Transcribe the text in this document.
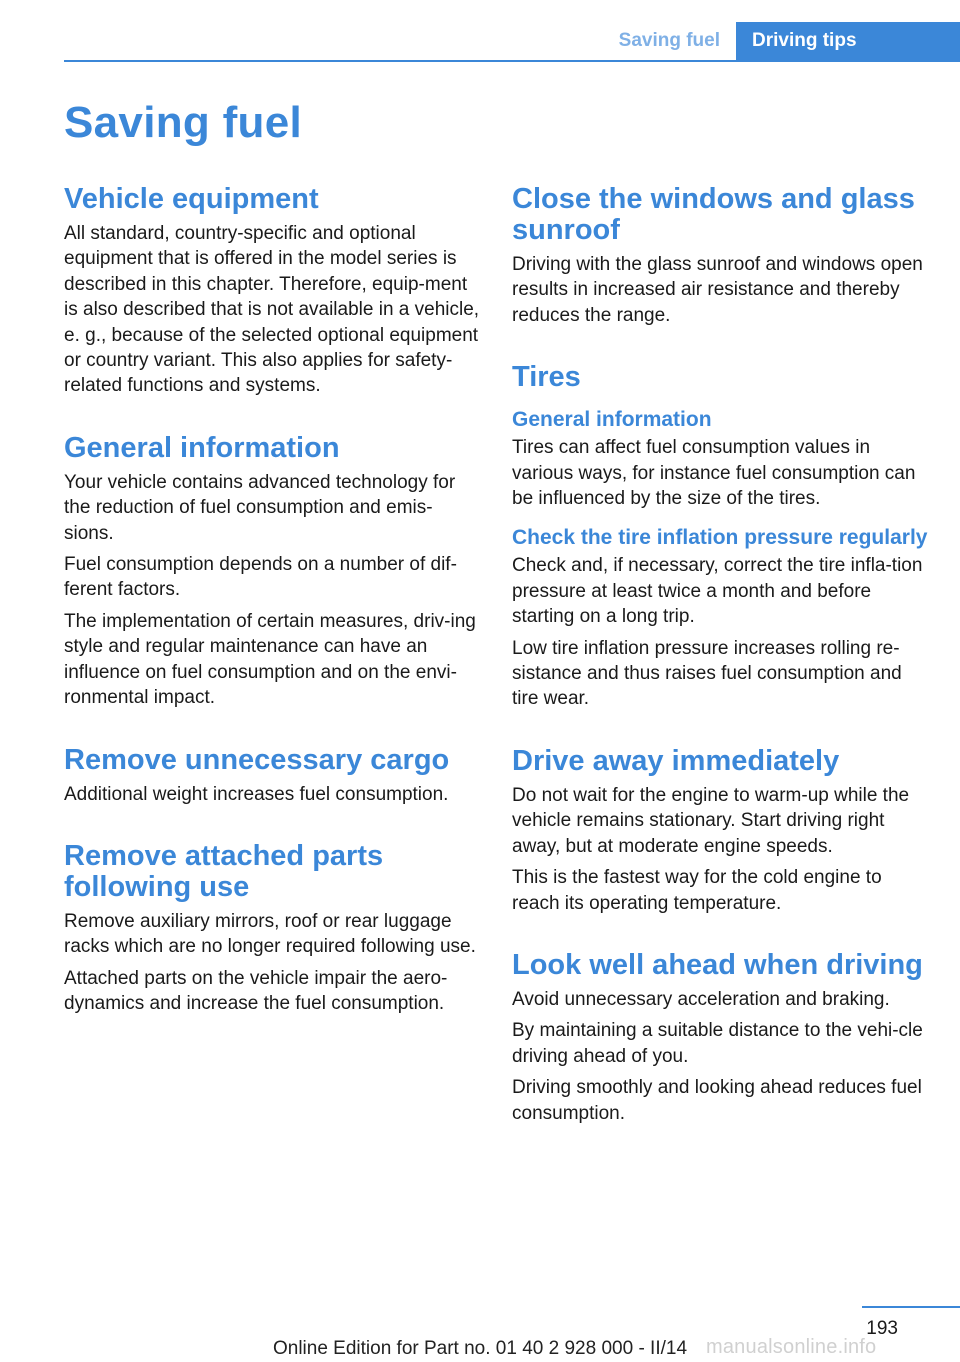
Saving fuel	Driving tips
Saving fuel
Vehicle equipment

All standard, country-specific and optional equipment that is offered in the model series is described in this chapter. Therefore, equip-ment is also described that is not available in a vehicle, e. g., because of the selected optional equipment or country variant. This also applies for safety-related functions and systems.

General information

Your vehicle contains advanced technology for the reduction of fuel consumption and emis-sions.

Fuel consumption depends on a number of dif-ferent factors.

The implementation of certain measures, driv-ing style and regular maintenance can have an influence on fuel consumption and on the envi-ronmental impact.

Remove unnecessary cargo

Additional weight increases fuel consumption.

Remove attached parts following use

Remove auxiliary mirrors, roof or rear luggage racks which are no longer required following use.

Attached parts on the vehicle impair the aero-dynamics and increase the fuel consumption.

Close the windows and glass sunroof

Driving with the glass sunroof and windows open results in increased air resistance and thereby reduces the range.

Tires
General information

Tires can affect fuel consumption values in various ways, for instance fuel consumption can be influenced by the size of the tires.

Check the tire inflation pressure regularly

Check and, if necessary, correct the tire infla-tion pressure at least twice a month and before starting on a long trip.

Low tire inflation pressure increases rolling re-sistance and thus raises fuel consumption and tire wear.

Drive away immediately

Do not wait for the engine to warm-up while the vehicle remains stationary. Start driving right away, but at moderate engine speeds.

This is the fastest way for the cold engine to reach its operating temperature.

Look well ahead when driving

Avoid unnecessary acceleration and braking.

By maintaining a suitable distance to the vehi-cle driving ahead of you.

Driving smoothly and looking ahead reduces fuel consumption.

193
manualsonline.info
Online Edition for Part no. 01 40 2 928 000 - II/14
